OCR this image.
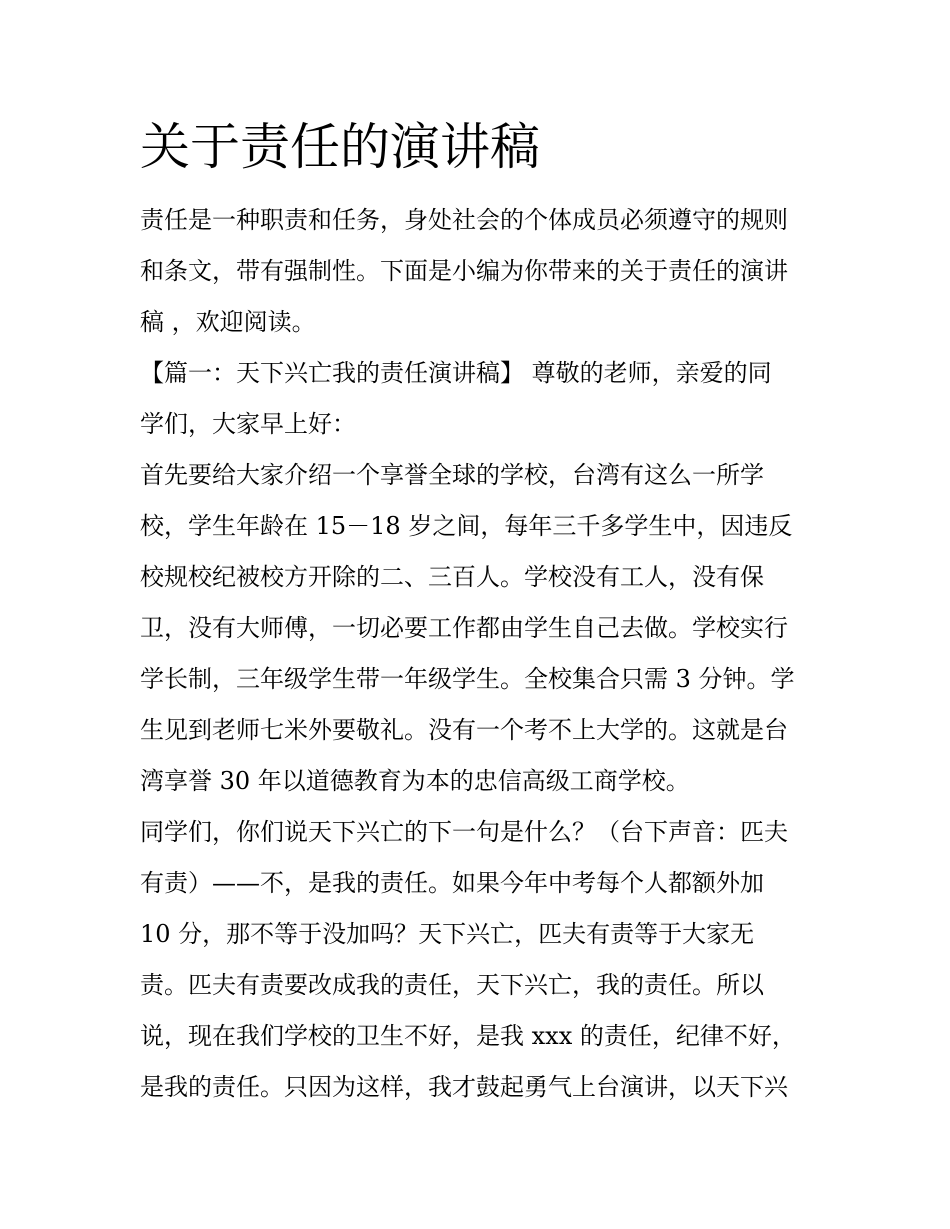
关于责任的演讲稿
责任是一种职责和任务，身处社会的个体成员必须遵守的规则
和条文，带有强制性。下面是小编为你带来的关于责任的演讲
稿 ，欢迎阅读。
【篇一：天下兴亡我的责任演讲稿】 尊敬的老师，亲爱的同
学们，大家早上好：
首先要给大家介绍一个享誉全球的学校，台湾有这么一所学
校，学生年龄在 15－18 岁之间，每年三千多学生中，因违反
校规校纪被校方开除的二、三百人。学校没有工人，没有保
卫，没有大师傅，一切必要工作都由学生自己去做。学校实行
学长制，三年级学生带一年级学生。全校集合只需 3 分钟。学
生见到老师七米外要敬礼。没有一个考不上大学的。这就是台
湾享誉 30 年以道德教育为本的忠信高级工商学校。
同学们，你们说天下兴亡的下一句是什么？（台下声音：匹夫
有责）——不，是我的责任。如果今年中考每个人都额外加
10 分，那不等于没加吗？天下兴亡，匹夫有责等于大家无
责。匹夫有责要改成我的责任，天下兴亡，我的责任。所以
说，现在我们学校的卫生不好，是我 xxx 的责任，纪律不好，
是我的责任。只因为这样，我才鼓起勇气上台演讲，以天下兴
